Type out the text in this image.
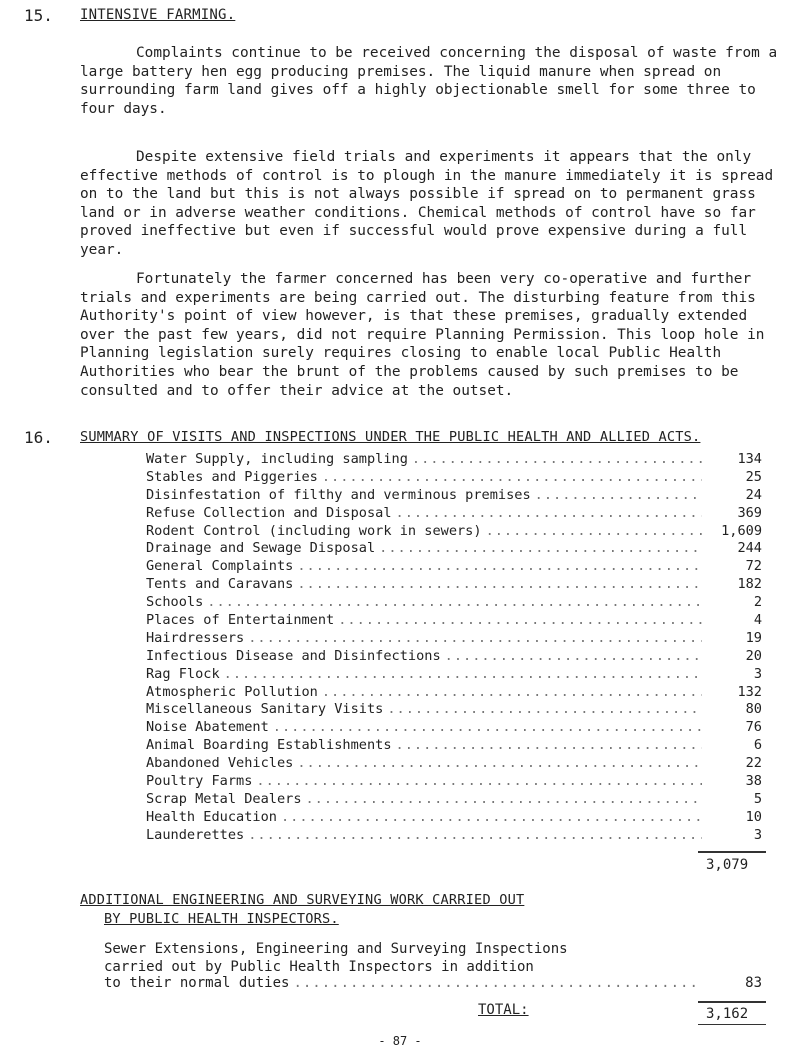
15. INTENSIVE FARMING.
Complaints continue to be received concerning the disposal of waste from a large battery hen egg producing premises. The liquid manure when spread on surrounding farm land gives off a highly objectionable smell for some three to four days.
Despite extensive field trials and experiments it appears that the only effective methods of control is to plough in the manure immediately it is spread on to the land but this is not always possible if spread on to permanent grass land or in adverse weather conditions. Chemical methods of control have so far proved ineffective but even if successful would prove expensive during a full year.
Fortunately the farmer concerned has been very co-operative and further trials and experiments are being carried out. The disturbing feature from this Authority's point of view however, is that these premises, gradually extended over the past few years, did not require Planning Permission. This loop hole in Planning legislation surely requires closing to enable local Public Health Authorities who bear the brunt of the problems caused by such premises to be consulted and to offer their advice at the outset.
16. SUMMARY OF VISITS AND INSPECTIONS UNDER THE PUBLIC HEALTH AND ALLIED ACTS.
Water Supply, including sampling .....	134
Stables and Piggeries .....	25
Disinfestation of filthy and verminous premises .....	24
Refuse Collection and Disposal .....	369
Rodent Control (including work in sewers) .....	1,609
Drainage and Sewage Disposal .....	244
General Complaints .....	72
Tents and Caravans .....	182
Schools .....	2
Places of Entertainment .....	4
Hairdressers .....	19
Infectious Disease and Disinfections .....	20
Rag Flock .....	3
Atmospheric Pollution .....	132
Miscellaneous Sanitary Visits .....	80
Noise Abatement .....	76
Animal Boarding Establishments .....	6
Abandoned Vehicles .....	22
Poultry Farms .....	38
Scrap Metal Dealers .....	5
Health Education .....	10
Launderettes .....	3
3,079
ADDITIONAL ENGINEERING AND SURVEYING WORK CARRIED OUT
BY PUBLIC HEALTH INSPECTORS.
Sewer Extensions, Engineering and Surveying Inspections
carried out by Public Health Inspectors in addition
to their normal duties .....	83
TOTAL:	3,162
- 87 -
